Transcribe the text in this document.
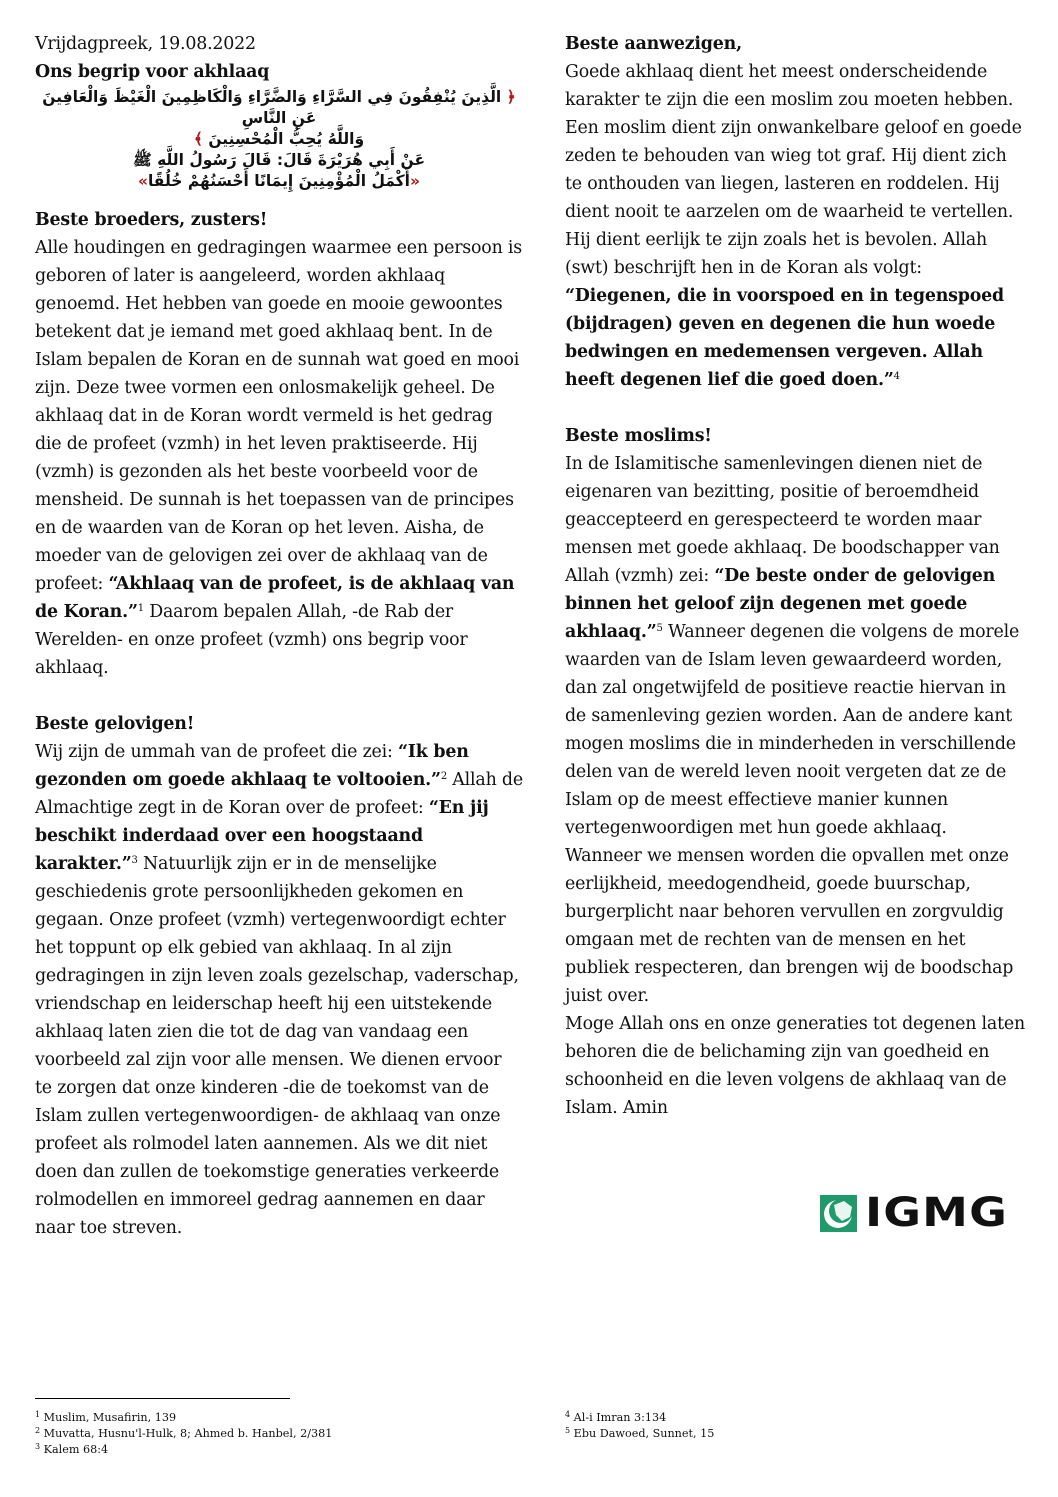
Vrijdagpreek, 19.08.2022
Ons begrip voor akhlaaq

﴿ الَّذِينَ يُنْفِقُونَ فِي السَّرَّاءِ وَالضَّرَّاءِ وَالْكَاظِمِينَ الْغَيْظَ وَالْعَافِينَ عَنِ النَّاسِ

وَاللَّهُ يُحِبُّ الْمُحْسِنِينَ ﴾

عَنْ أَبِي هُرَيْرَةَ قَالَ: قَالَ رَسُولُ اللَّهِ ﷺ

«أَكْمَلُ الْمُؤْمِنِينَ إِيمَانًا أَحْسَنُهُمْ خُلُقًا»

Beste broeders, zusters!

Alle houdingen en gedragingen waarmee een persoon is geboren of later is aangeleerd, worden akhlaaq genoemd. Het hebben van goede en mooie gewoontes betekent dat je iemand met goed akhlaaq bent. In de Islam bepalen de Koran en de sunnah wat goed en mooi zijn. Deze twee vormen een onlosmakelijk geheel. De akhlaaq dat in de Koran wordt vermeld is het gedrag die de profeet (vzmh) in het leven praktiseerde. Hij (vzmh) is gezonden als het beste voorbeeld voor de mensheid. De sunnah is het toepassen van de principes en de waarden van de Koran op het leven. Aisha, de moeder van de gelovigen zei over de akhlaaq van de profeet: “Akhlaaq van de profeet, is de akhlaaq van de Koran.”$^1$ Daarom bepalen Allah, -de Rab der Werelden- en onze profeet (vzmh) ons begrip voor akhlaaq.

Beste gelovigen!

Wij zijn de ummah van de profeet die zei: “Ik ben gezonden om goede akhlaaq te voltooien.”$^2$ Allah de Almachtige zegt in de Koran over de profeet: “En jij beschikt inderdaad over een hoogstaand karakter.”$^3$ Natuurlijk zijn er in de menselijke geschiedenis grote persoonlijkheden gekomen en gegaan. Onze profeet (vzmh) vertegenwoordigt echter het toppunt op elk gebied van akhlaaq. In al zijn gedragingen in zijn leven zoals gezelschap, vaderschap, vriendschap en leiderschap heeft hij een uitstekende akhlaaq laten zien die tot de dag van vandaag een voorbeeld zal zijn voor alle mensen. We dienen ervoor te zorgen dat onze kinderen -die de toekomst van de Islam zullen vertegenwoordigen- de akhlaaq van onze profeet als rolmodel laten aannemen. Als we dit niet doen dan zullen de toekomstige generaties verkeerde rolmodellen en immoreel gedrag aannemen en daar naar toe streven.

Beste aanwezigen,

Goede akhlaaq dient het meest onderscheidende karakter te zijn die een moslim zou moeten hebben. Een moslim dient zijn onwankelbare geloof en goede zeden te behouden van wieg tot graf. Hij dient zich te onthouden van liegen, lasteren en roddelen. Hij dient nooit te aarzelen om de waarheid te vertellen. Hij dient eerlijk te zijn zoals het is bevolen. Allah (swt) beschrijft hen in de Koran als volgt: “Diegenen, die in voorspoed en in tegenspoed (bijdragen) geven en degenen die hun woede bedwingen en medemensen vergeven. Allah heeft degenen lief die goed doen.”$^4$

Beste moslims!

In de Islamitische samenlevingen dienen niet de eigenaren van bezitting, positie of beroemdheid geaccepteerd en gerespecteerd te worden maar mensen met goede akhlaaq. De boodschapper van Allah (vzmh) zei: “De beste onder de gelovigen binnen het geloof zijn degenen met goede akhlaaq.”$^5$ Wanneer degenen die volgens de morele waarden van de Islam leven gewaardeerd worden, dan zal ongetwijfeld de positieve reactie hiervan in de samenleving gezien worden. Aan de andere kant mogen moslims die in minderheden in verschillende delen van de wereld leven nooit vergeten dat ze de Islam op de meest effectieve manier kunnen vertegenwoordigen met hun goede akhlaaq.

Wanneer we mensen worden die opvallen met onze eerlijkheid, meedogendheid, goede buurschap, burgerplicht naar behoren vervullen en zorgvuldig omgaan met de rechten van de mensen en het publiek respecteren, dan brengen wij de boodschap juist over.

Moge Allah ons en onze generaties tot degenen laten behoren die de belichaming zijn van goedheid en schoonheid en die leven volgens de akhlaaq van de Islam. Amin

IGMG
$^1$ Muslim, Musafirin, 139
$^2$ Muvatta, Husnu'l-Hulk, 8; Ahmed b. Hanbel, 2/381
$^3$ Kalem 68:4
$^4$ Al-i Imran 3:134
$^5$ Ebu Dawoed, Sunnet, 15
